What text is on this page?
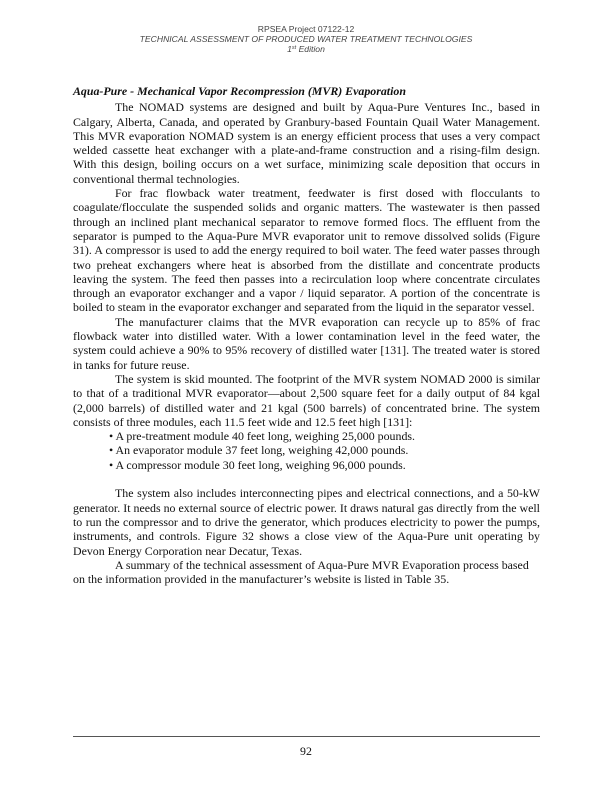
RPSEA Project 07122-12
TECHNICAL ASSESSMENT OF PRODUCED WATER TREATMENT TECHNOLOGIES
1st Edition
Aqua-Pure - Mechanical Vapor Recompression (MVR) Evaporation

The NOMAD systems are designed and built by Aqua-Pure Ventures Inc., based in Calgary, Alberta, Canada, and operated by Granbury-based Fountain Quail Water Management. This MVR evaporation NOMAD system is an energy efficient process that uses a very compact welded cassette heat exchanger with a plate-and-frame construction and a rising-film design. With this design, boiling occurs on a wet surface, minimizing scale deposition that occurs in conventional thermal technologies.

For frac flowback water treatment, feedwater is first dosed with flocculants to coagulate/flocculate the suspended solids and organic matters. The wastewater is then passed through an inclined plant mechanical separator to remove formed flocs. The effluent from the separator is pumped to the Aqua-Pure MVR evaporator unit to remove dissolved solids (Figure 31). A compressor is used to add the energy required to boil water. The feed water passes through two preheat exchangers where heat is absorbed from the distillate and concentrate products leaving the system. The feed then passes into a recirculation loop where concentrate circulates through an evaporator exchanger and a vapor / liquid separator. A portion of the concentrate is boiled to steam in the evaporator exchanger and separated from the liquid in the separator vessel.

The manufacturer claims that the MVR evaporation can recycle up to 85% of frac flowback water into distilled water. With a lower contamination level in the feed water, the system could achieve a 90% to 95% recovery of distilled water [131]. The treated water is stored in tanks for future reuse.

The system is skid mounted. The footprint of the MVR system NOMAD 2000 is similar to that of a traditional MVR evaporator—about 2,500 square feet for a daily output of 84 kgal (2,000 barrels) of distilled water and 21 kgal (500 barrels) of concentrated brine. The system consists of three modules, each 11.5 feet wide and 12.5 feet high [131]:

• A pre-treatment module 40 feet long, weighing 25,000 pounds.
• An evaporator module 37 feet long, weighing 42,000 pounds.
• A compressor module 30 feet long, weighing 96,000 pounds.

The system also includes interconnecting pipes and electrical connections, and a 50-kW generator. It needs no external source of electric power. It draws natural gas directly from the well to run the compressor and to drive the generator, which produces electricity to power the pumps, instruments, and controls. Figure 32 shows a close view of the Aqua-Pure unit operating by Devon Energy Corporation near Decatur, Texas.

A summary of the technical assessment of Aqua-Pure MVR Evaporation process based on the information provided in the manufacturer’s website is listed in Table 35.

92
